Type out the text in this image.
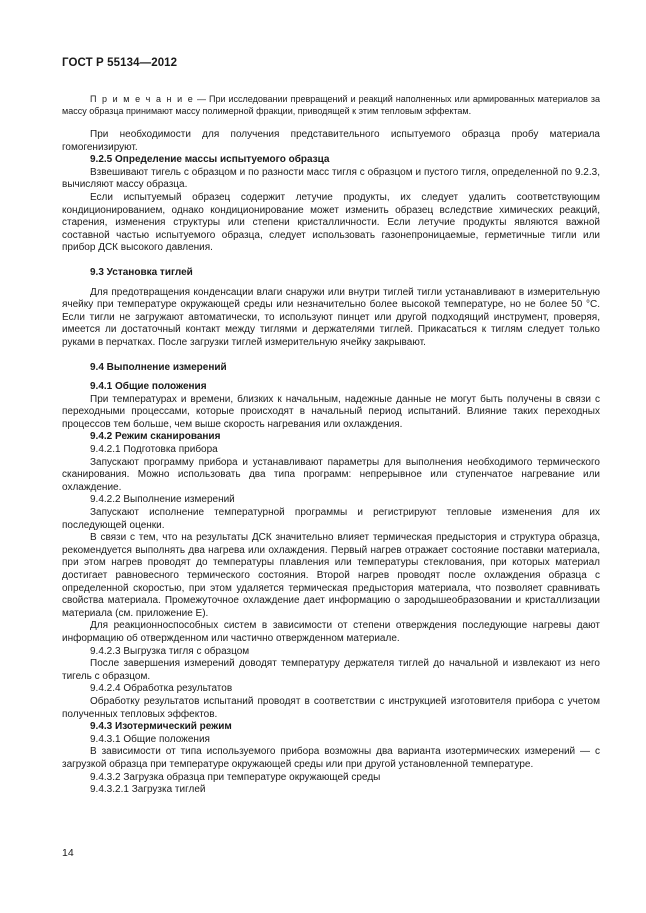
ГОСТ Р 55134—2012

П р и м е ч а н и е — При исследовании превращений и реакций наполненных или армированных материалов за массу образца принимают массу полимерной фракции, приводящей к этим тепловым эффектам.

При необходимости для получения представительного испытуемого образца пробу материала гомогенизируют.

9.2.5 Определение массы испытуемого образца

Взвешивают тигель с образцом и по разности масс тигля с образцом и пустого тигля, определенной по 9.2.3, вычисляют массу образца.

Если испытуемый образец содержит летучие продукты, их следует удалить соответствующим кондиционированием, однако кондиционирование может изменить образец вследствие химических реакций, старения, изменения структуры или степени кристалличности. Если летучие продукты являются важной составной частью испытуемого образца, следует использовать газонепроницаемые, герметичные тигли или прибор ДСК высокого давления.

9.3 Установка тиглей

Для предотвращения конденсации влаги снаружи или внутри тиглей тигли устанавливают в измерительную ячейку при температуре окружающей среды или незначительно более высокой температуре, но не более 50 °С. Если тигли не загружают автоматически, то используют пинцет или другой подходящий инструмент, проверяя, имеется ли достаточный контакт между тиглями и держателями тиглей. Прикасаться к тиглям следует только руками в перчатках. После загрузки тиглей измерительную ячейку закрывают.

9.4 Выполнение измерений
9.4.1 Общие положения

При температурах и времени, близких к начальным, надежные данные не могут быть получены в связи с переходными процессами, которые происходят в начальный период испытаний. Влияние таких переходных процессов тем больше, чем выше скорость нагревания или охлаждения.

9.4.2 Режим сканирования
9.4.2.1 Подготовка прибора

Запускают программу прибора и устанавливают параметры для выполнения необходимого термического сканирования. Можно использовать два типа программ: непрерывное или ступенчатое нагревание или охлаждение.

9.4.2.2 Выполнение измерений

Запускают исполнение температурной программы и регистрируют тепловые изменения для их последующей оценки.

В связи с тем, что на результаты ДСК значительно влияет термическая предыстория и структура образца, рекомендуется выполнять два нагрева или охлаждения. Первый нагрев отражает состояние поставки материала, при этом нагрев проводят до температуры плавления или температуры стеклования, при которых материал достигает равновесного термического состояния. Второй нагрев проводят после охлаждения образца с определенной скоростью, при этом удаляется термическая предыстория материала, что позволяет сравнивать свойства материала. Промежуточное охлаждение дает информацию о зародышеобразовании и кристаллизации материала (см. приложение Е).

Для реакционноспособных систем в зависимости от степени отверждения последующие нагревы дают информацию об отвержденном или частично отвержденном материале.

9.4.2.3 Выгрузка тигля с образцом

После завершения измерений доводят температуру держателя тиглей до начальной и извлекают из него тигель с образцом.

9.4.2.4 Обработка результатов

Обработку результатов испытаний проводят в соответствии с инструкцией изготовителя прибора с учетом полученных тепловых эффектов.

9.4.3 Изотермический режим
9.4.3.1 Общие положения

В зависимости от типа используемого прибора возможны два варианта изотермических измерений — с загрузкой образца при температуре окружающей среды или при другой установленной температуре.

9.4.3.2 Загрузка образца при температуре окружающей среды
9.4.3.2.1 Загрузка тиглей
14
